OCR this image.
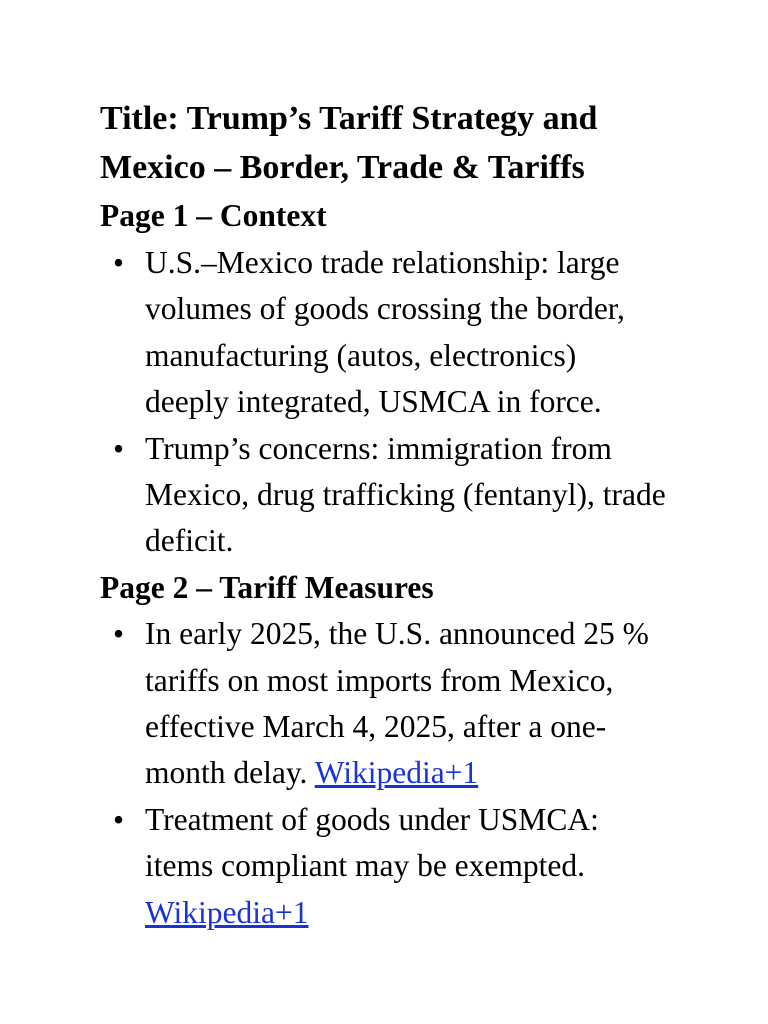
Title: Trump’s Tariff Strategy and Mexico – Border, Trade & Tariffs
Page 1 – Context
• U.S.–Mexico trade relationship: large
volumes of goods crossing the border,
manufacturing (autos, electronics)
deeply integrated, USMCA in force.
• Trump’s concerns: immigration from
Mexico, drug trafficking (fentanyl), trade
deficit.
Page 2 – Tariff Measures
• In early 2025, the U.S. announced 25 %
tariffs on most imports from Mexico,
effective March 4, 2025, after a one-
month delay. Wikipedia+1
• Treatment of goods under USMCA:
items compliant may be exempted.
Wikipedia+1
